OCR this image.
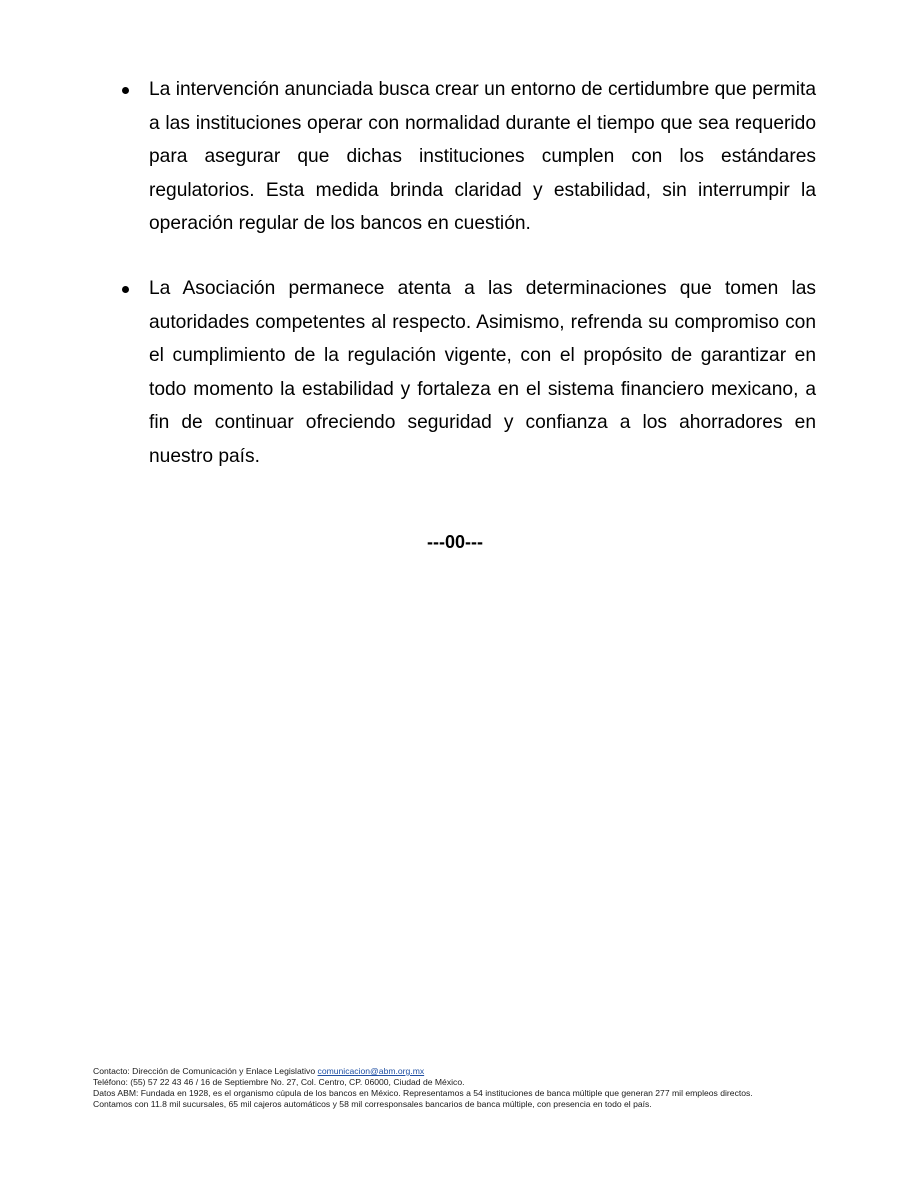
La intervención anunciada busca crear un entorno de certidumbre que permita a las instituciones operar con normalidad durante el tiempo que sea requerido para asegurar que dichas instituciones cumplen con los estándares regulatorios. Esta medida brinda claridad y estabilidad, sin interrumpir la operación regular de los bancos en cuestión.
La Asociación permanece atenta a las determinaciones que tomen las autoridades competentes al respecto. Asimismo, refrenda su compromiso con el cumplimiento de la regulación vigente, con el propósito de garantizar en todo momento la estabilidad y fortaleza en el sistema financiero mexicano, a fin de continuar ofreciendo seguridad y confianza a los ahorradores en nuestro país.
---00---
Contacto: Dirección de Comunicación y Enlace Legislativo comunicacion@abm.org.mx
Teléfono: (55) 57 22 43 46 / 16 de Septiembre No. 27, Col. Centro, CP. 06000, Ciudad de México.
Datos ABM: Fundada en 1928, es el organismo cúpula de los bancos en México. Representamos a 54 instituciones de banca múltiple que generan 277 mil empleos directos.
Contamos con 11.8 mil sucursales, 65 mil cajeros automáticos y 58 mil corresponsales bancarios de banca múltiple, con presencia en todo el país.
